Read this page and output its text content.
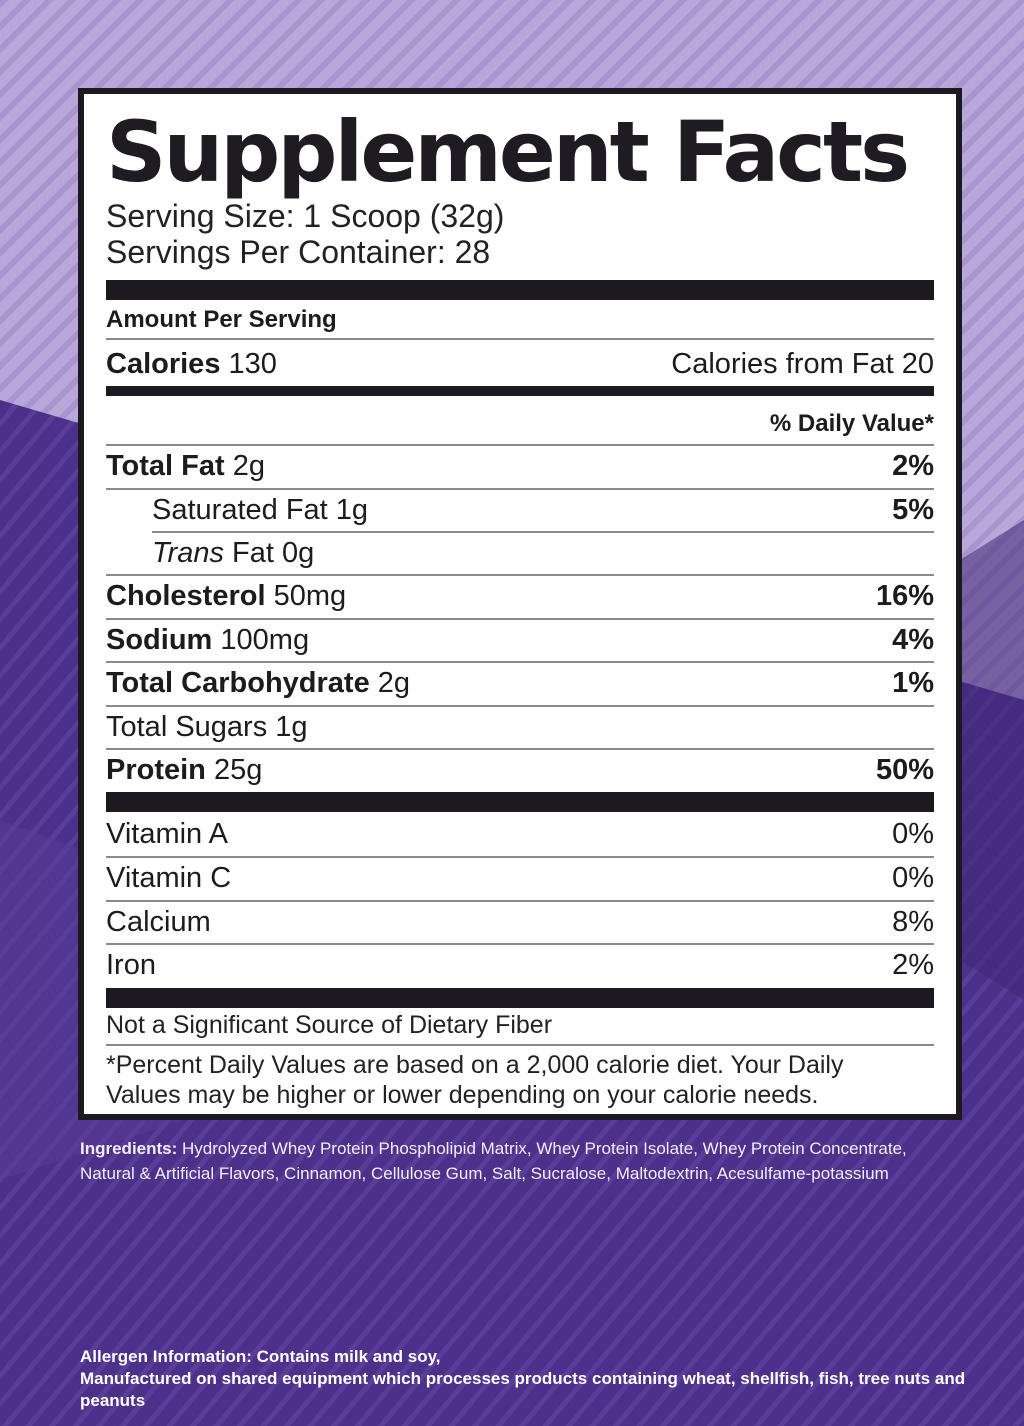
Supplement Facts
Serving Size: 1 Scoop (32g)
Servings Per Container: 28
Amount Per Serving
Calories 130	Calories from Fat 20
% Daily Value*
Total Fat 2g	2%
Saturated Fat 1g	5%
Trans Fat 0g
Cholesterol 50mg	16%
Sodium 100mg	4%
Total Carbohydrate 2g	1%
Total Sugars 1g
Protein 25g	50%
Vitamin A	0%
Vitamin C	0%
Calcium	8%
Iron	2%
Not a Significant Source of Dietary Fiber
*Percent Daily Values are based on a 2,000 calorie diet. Your Daily
Values may be higher or lower depending on your calorie needs.
Ingredients: Hydrolyzed Whey Protein Phospholipid Matrix, Whey Protein Isolate, Whey Protein Concentrate, Natural & Artificial Flavors, Cinnamon, Cellulose Gum, Salt, Sucralose, Maltodextrin, Acesulfame-potassium
Allergen Information: Contains milk and soy,
Manufactured on shared equipment which processes products containing wheat, shellfish, fish, tree nuts and peanuts
